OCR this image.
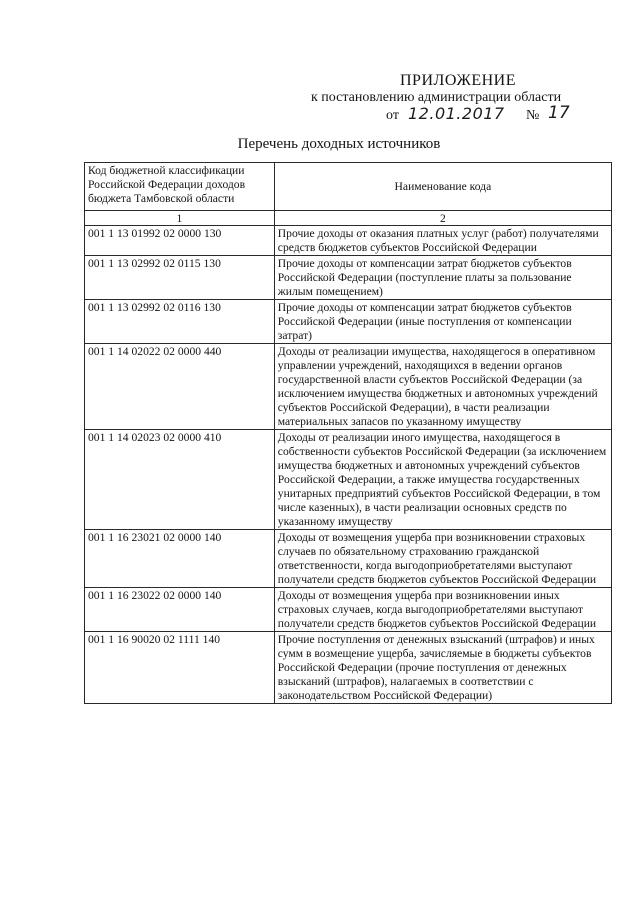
ПРИЛОЖЕНИЕ
к постановлению администрации области
от 12.01.2017 № 17
Перечень доходных источников
Код бюджетной классификации Российской Федерации доходов бюджета Тамбовской области	Наименование кода
1	2
001 1 13 01992 02 0000 130	Прочие доходы от оказания платных услуг (работ) получателями средств бюджетов субъектов Российской Федерации
001 1 13 02992 02 0115 130	Прочие доходы от компенсации затрат бюджетов субъектов Российской Федерации (поступление платы за пользование жилым помещением)
001 1 13 02992 02 0116 130	Прочие доходы от компенсации затрат бюджетов субъектов Российской Федерации (иные поступления от компенсации затрат)
001 1 14 02022 02 0000 440	Доходы от реализации имущества, находящегося в оперативном управлении учреждений, находящихся в ведении органов государственной власти субъектов Российской Федерации (за исключением имущества бюджетных и автономных учреждений субъектов Российской Федерации), в части реализации материальных запасов по указанному имуществу
001 1 14 02023 02 0000 410	Доходы от реализации иного имущества, находящегося в собственности субъектов Российской Федерации (за исключением имущества бюджетных и автономных учреждений субъектов Российской Федерации, а также имущества государственных унитарных предприятий субъектов Российской Федерации, в том числе казенных), в части реализации основных средств по указанному имуществу
001 1 16 23021 02 0000 140	Доходы от возмещения ущерба при возникновении страховых случаев по обязательному страхованию гражданской ответственности, когда выгодоприобретателями выступают получатели средств бюджетов субъектов Российской Федерации
001 1 16 23022 02 0000 140	Доходы от возмещения ущерба при возникновении иных страховых случаев, когда выгодоприобретателями выступают получатели средств бюджетов субъектов Российской Федерации
001 1 16 90020 02 1111 140	Прочие поступления от денежных взысканий (штрафов) и иных сумм в возмещение ущерба, зачисляемые в бюджеты субъектов Российской Федерации (прочие поступления от денежных взысканий (штрафов), налагаемых в соответствии с законодательством Российской Федерации)
